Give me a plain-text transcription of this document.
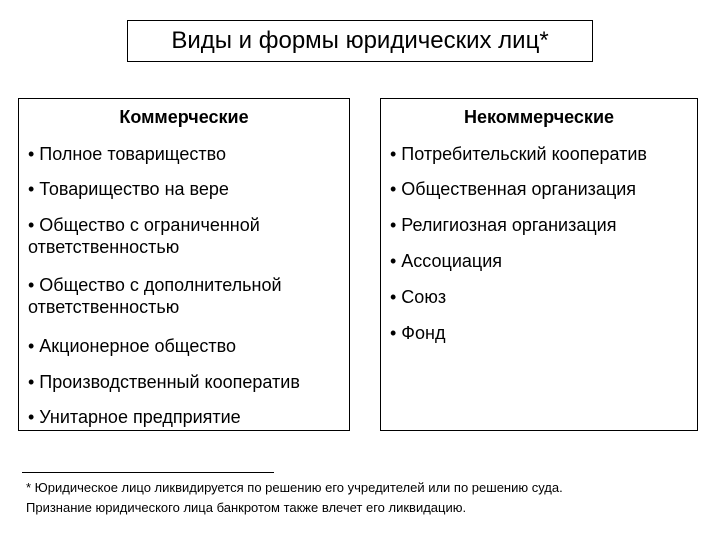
Виды и формы юридических лиц*
Коммерческие
• Полное товарищество
• Товарищество на вере
• Общество с ограниченной ответственностью
• Общество с дополнительной ответственностью
• Акционерное общество
• Производственный кооператив
• Унитарное предприятие
Некоммерческие
• Потребительский кооператив
• Общественная организация
• Религиозная организация
• Ассоциация
• Союз
• Фонд
* Юридическое лицо ликвидируется по решению его учредителей или по решению суда.
Признание юридического лица банкротом также влечет его ликвидацию.
